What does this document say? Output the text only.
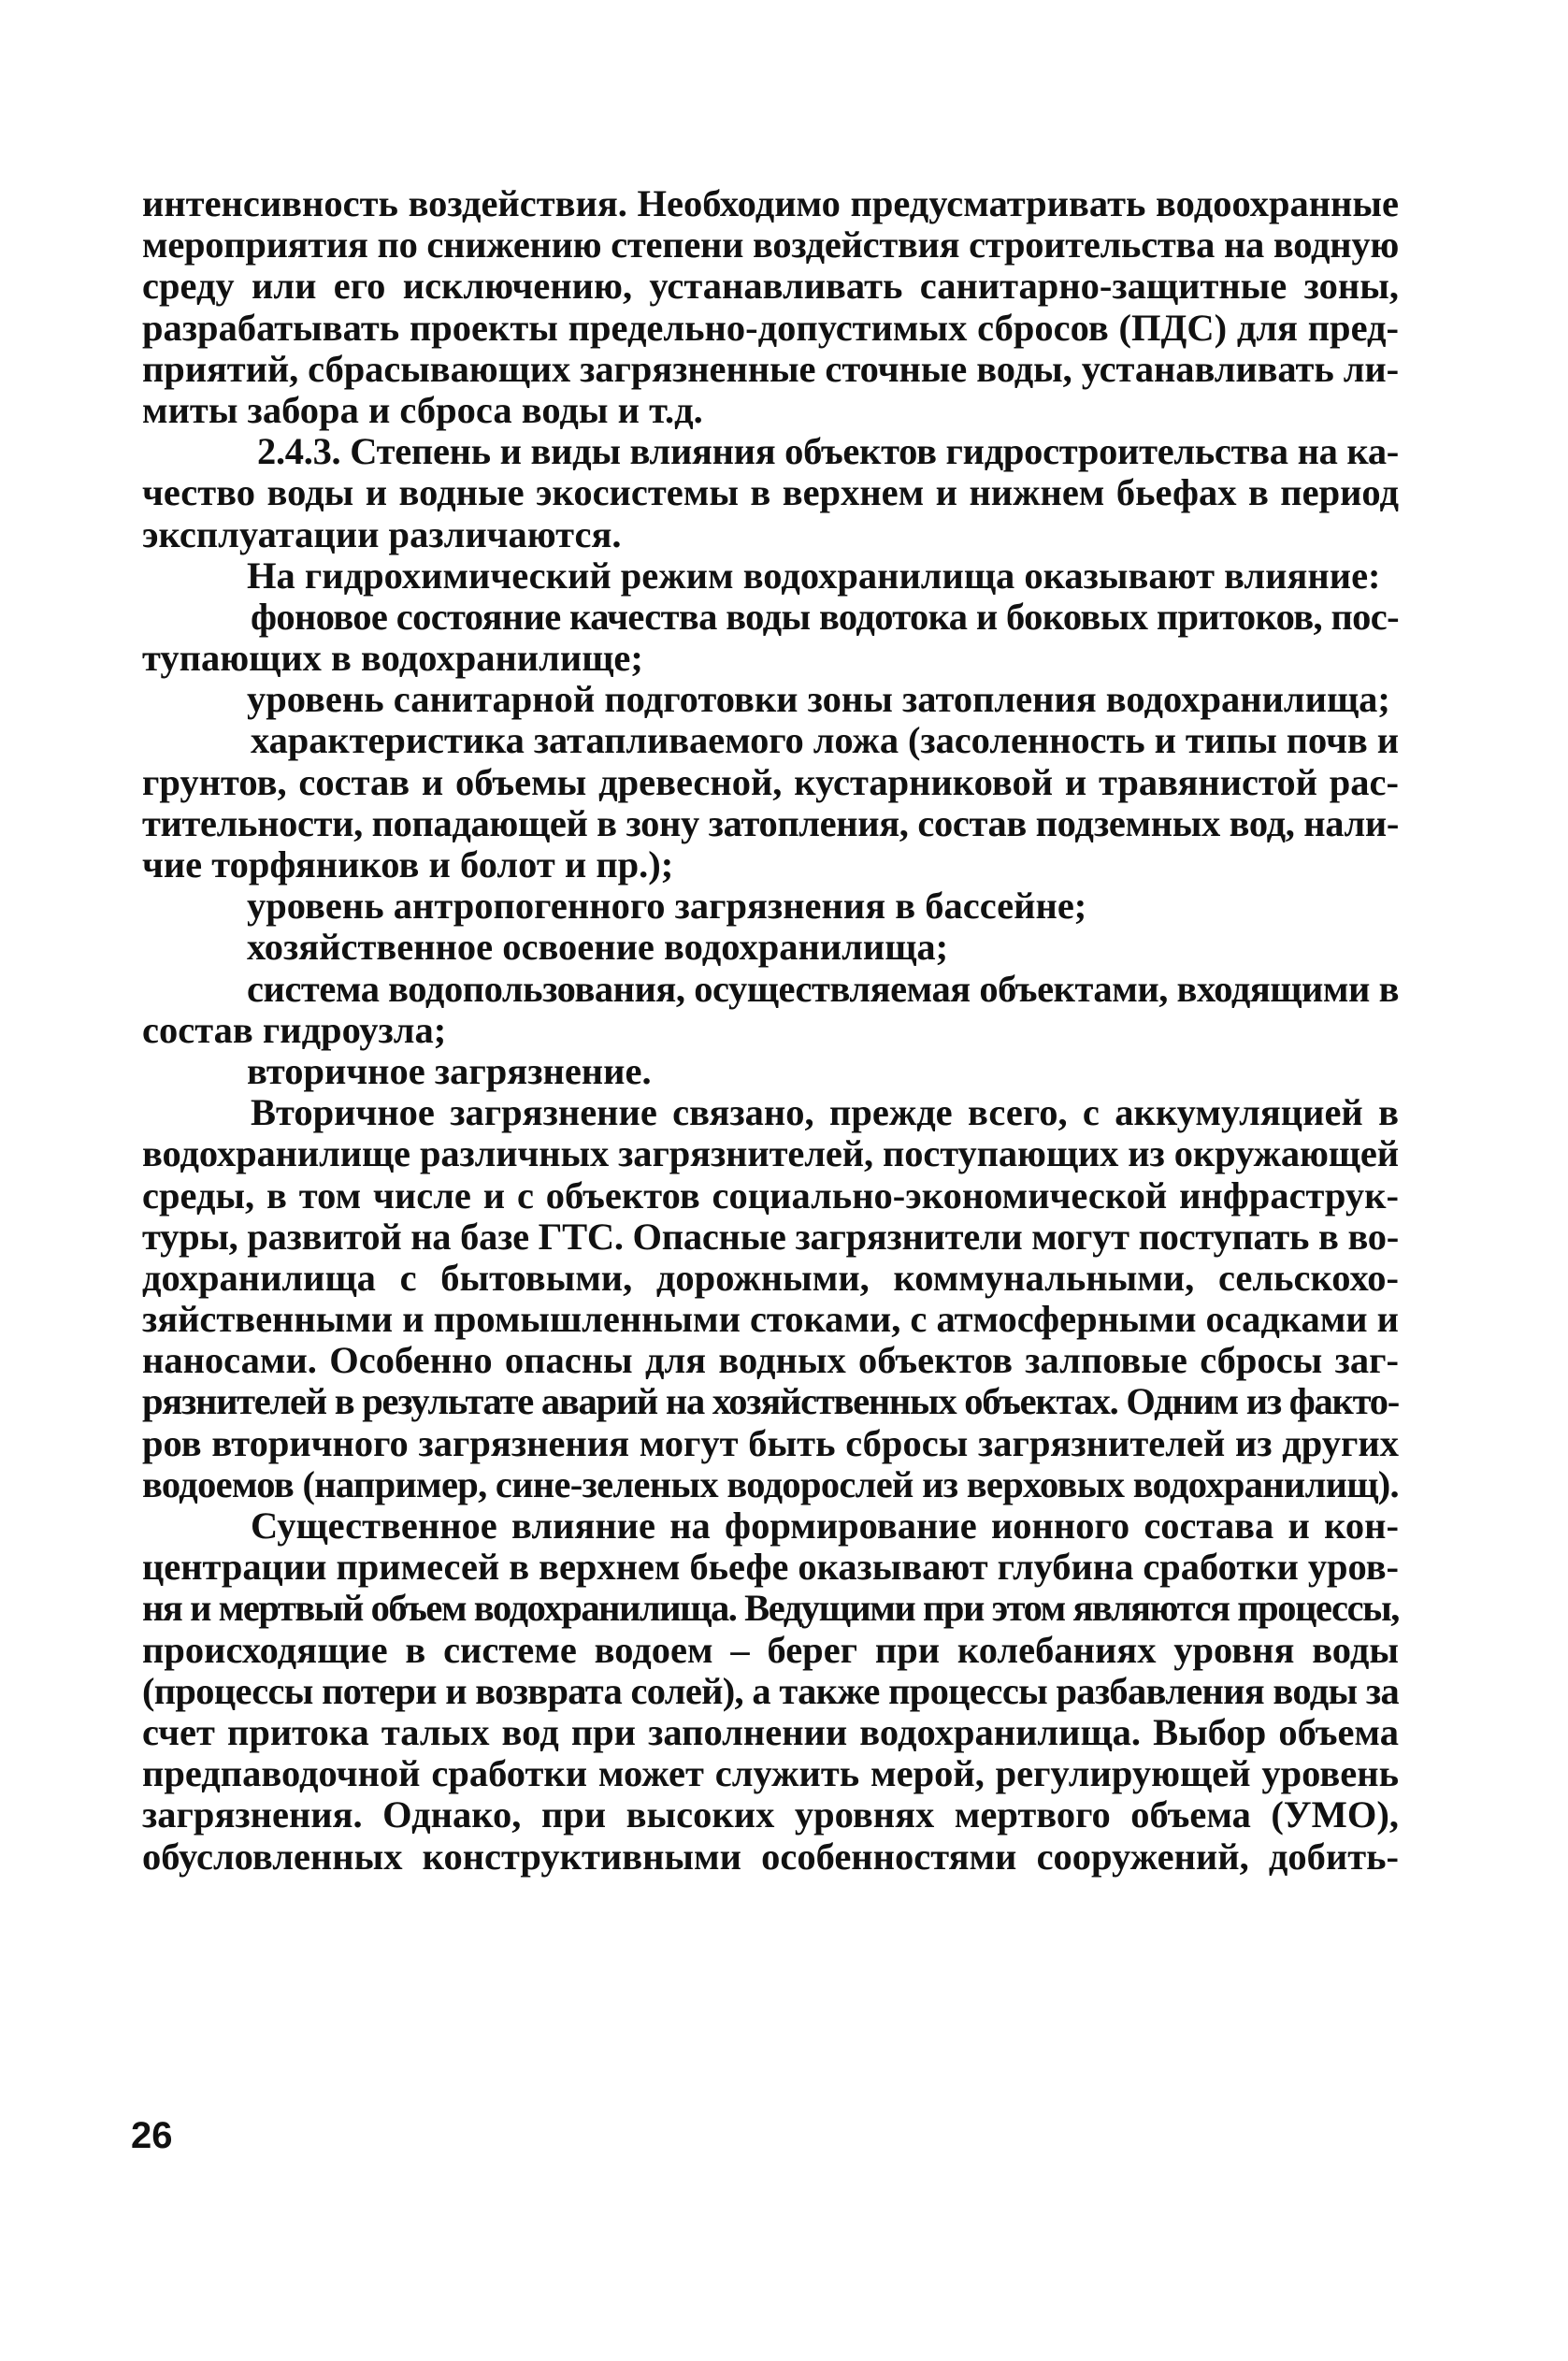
интенсивность воздействия. Необходимо предусматривать водоохранные
мероприятия по снижению степени воздействия строительства на водную
среду или его исключению, устанавливать санитарно-защитные зоны,
разрабатывать проекты предельно-допустимых сбросов (ПДС) для пред-
приятий, сбрасывающих загрязненные сточные воды, устанавливать ли-
миты забора и сброса воды и т.д.
2.4.3. Степень и виды влияния объектов гидростроительства на ка-
чество воды и водные экосистемы в верхнем и нижнем бьефах в период
эксплуатации различаются.
На гидрохимический режим водохранилища оказывают влияние:
фоновое состояние качества воды водотока и боковых притоков, пос-
тупающих в водохранилище;
уровень санитарной подготовки зоны затопления водохранилища;
характеристика затапливаемого ложа (засоленность и типы почв и
грунтов, состав и объемы древесной, кустарниковой и травянистой рас-
тительности, попадающей в зону затопления, состав подземных вод, нали-
чие торфяников и болот и пр.);
уровень антропогенного загрязнения в бассейне;
хозяйственное освоение водохранилища;
система водопользования, осуществляемая объектами, входящими в
состав гидроузла;
вторичное загрязнение.
Вторичное загрязнение связано, прежде всего, с аккумуляцией в
водохранилище различных загрязнителей, поступающих из окружающей
среды, в том числе и с объектов социально-экономической инфраструк-
туры, развитой на базе ГТС. Опасные загрязнители могут поступать в во-
дохранилища с бытовыми, дорожными, коммунальными, сельскохо-
зяйственными и промышленными стоками, с атмосферными осадками и
наносами. Особенно опасны для водных объектов залповые сбросы заг-
рязнителей в результате аварий на хозяйственных объектах. Одним из факто-
ров вторичного загрязнения могут быть сбросы загрязнителей из других
водоемов (например, сине-зеленых водорослей из верховых водохранилищ).
Существенное влияние на формирование ионного состава и кон-
центрации примесей в верхнем бьефе оказывают глубина сработки уров-
ня и мертвый объем водохранилища. Ведущими при этом являются процессы,
происходящие в системе водоем – берег при колебаниях уровня воды
(процессы потери и возврата солей), а также процессы разбавления воды за
счет притока талых вод при заполнении водохранилища. Выбор объема
предпаводочной сработки может служить мерой, регулирующей уровень
загрязнения. Однако, при высоких уровнях мертвого объема (УМО),
обусловленных конструктивными особенностями сооружений, добить-
26
